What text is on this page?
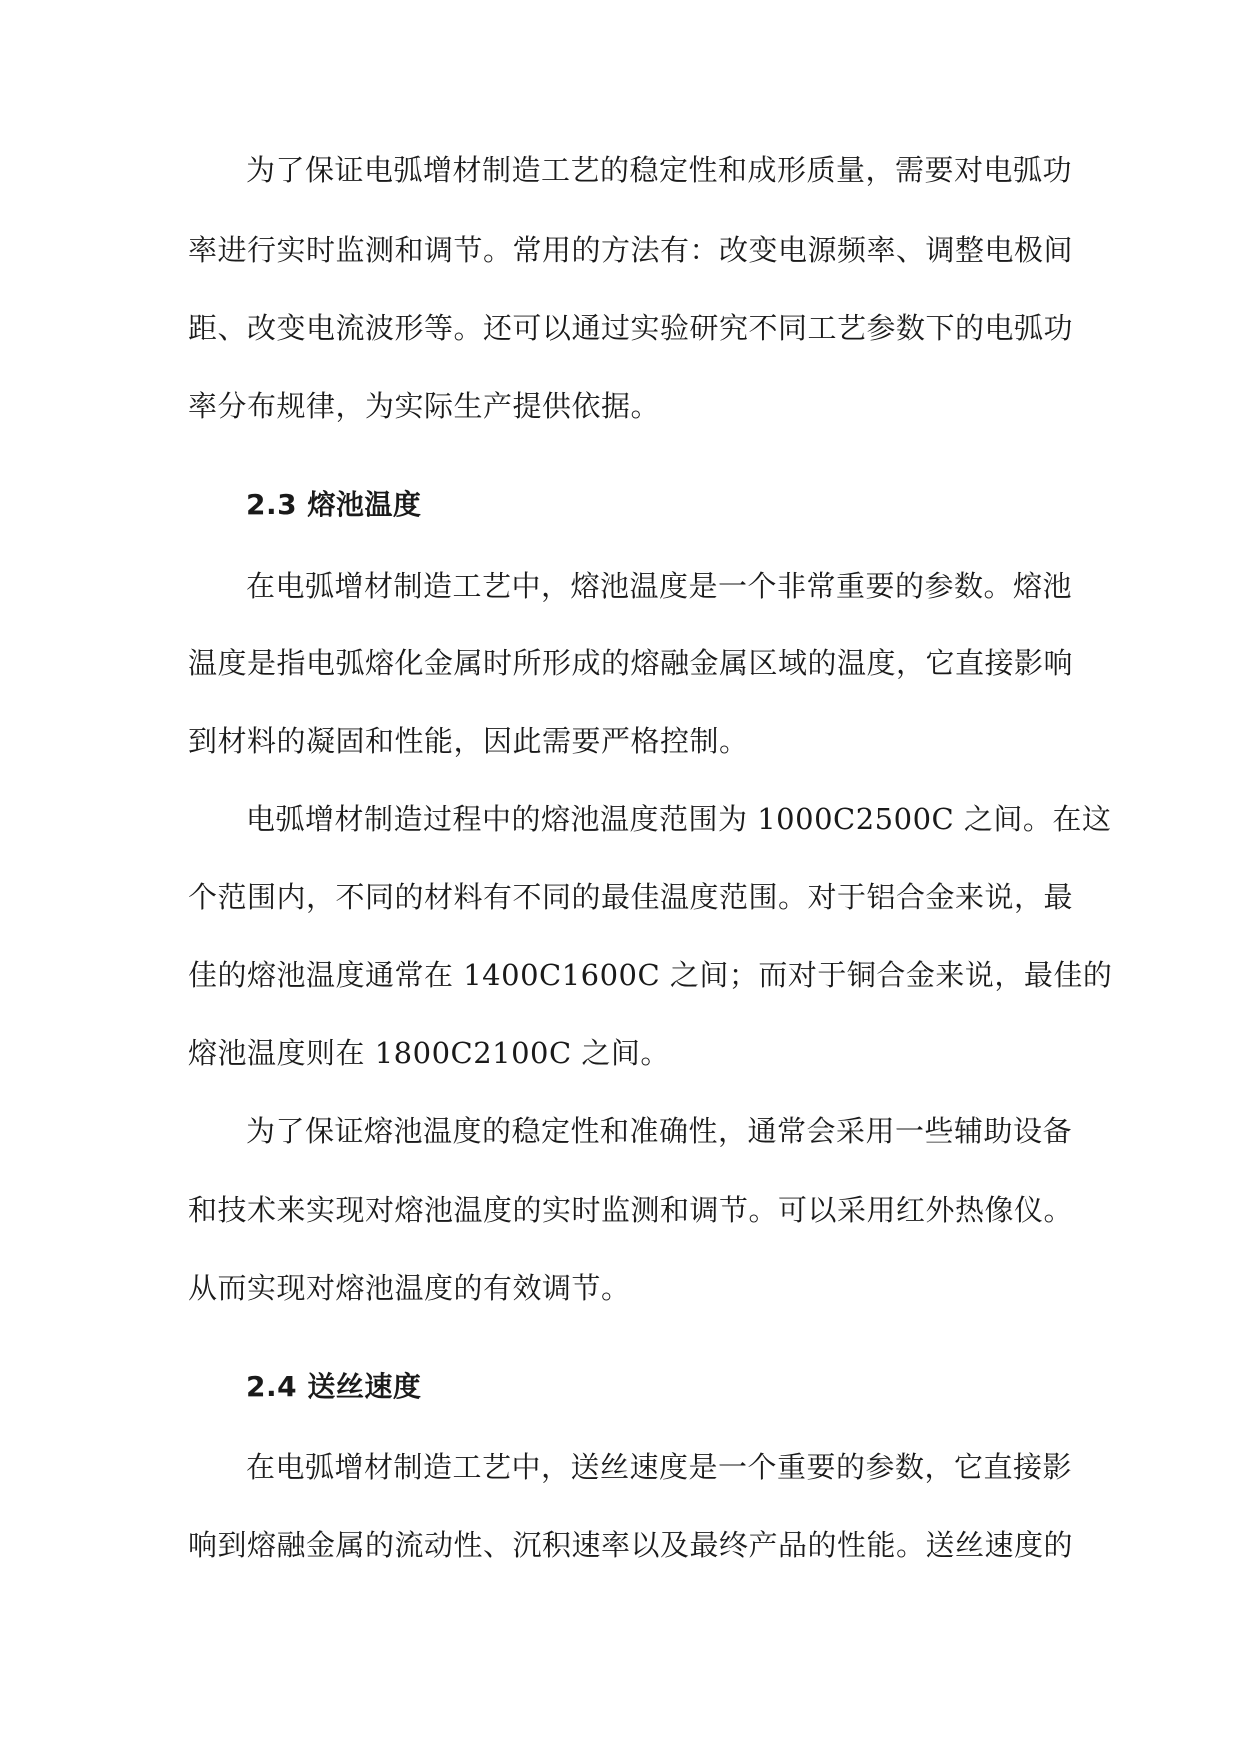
为了保证电弧增材制造工艺的稳定性和成形质量，需要对电弧功
率进行实时监测和调节。常用的方法有：改变电源频率、调整电极间
距、改变电流波形等。还可以通过实验研究不同工艺参数下的电弧功
率分布规律，为实际生产提供依据。
2.3 熔池温度
在电弧增材制造工艺中，熔池温度是一个非常重要的参数。熔池
温度是指电弧熔化金属时所形成的熔融金属区域的温度，它直接影响
到材料的凝固和性能，因此需要严格控制。
电弧增材制造过程中的熔池温度范围为 1000C2500C 之间。在这
个范围内，不同的材料有不同的最佳温度范围。对于铝合金来说，最
佳的熔池温度通常在 1400C1600C 之间；而对于铜合金来说，最佳的
熔池温度则在 1800C2100C 之间。
为了保证熔池温度的稳定性和准确性，通常会采用一些辅助设备
和技术来实现对熔池温度的实时监测和调节。可以采用红外热像仪。
从而实现对熔池温度的有效调节。
2.4 送丝速度
在电弧增材制造工艺中，送丝速度是一个重要的参数，它直接影
响到熔融金属的流动性、沉积速率以及最终产品的性能。送丝速度的
